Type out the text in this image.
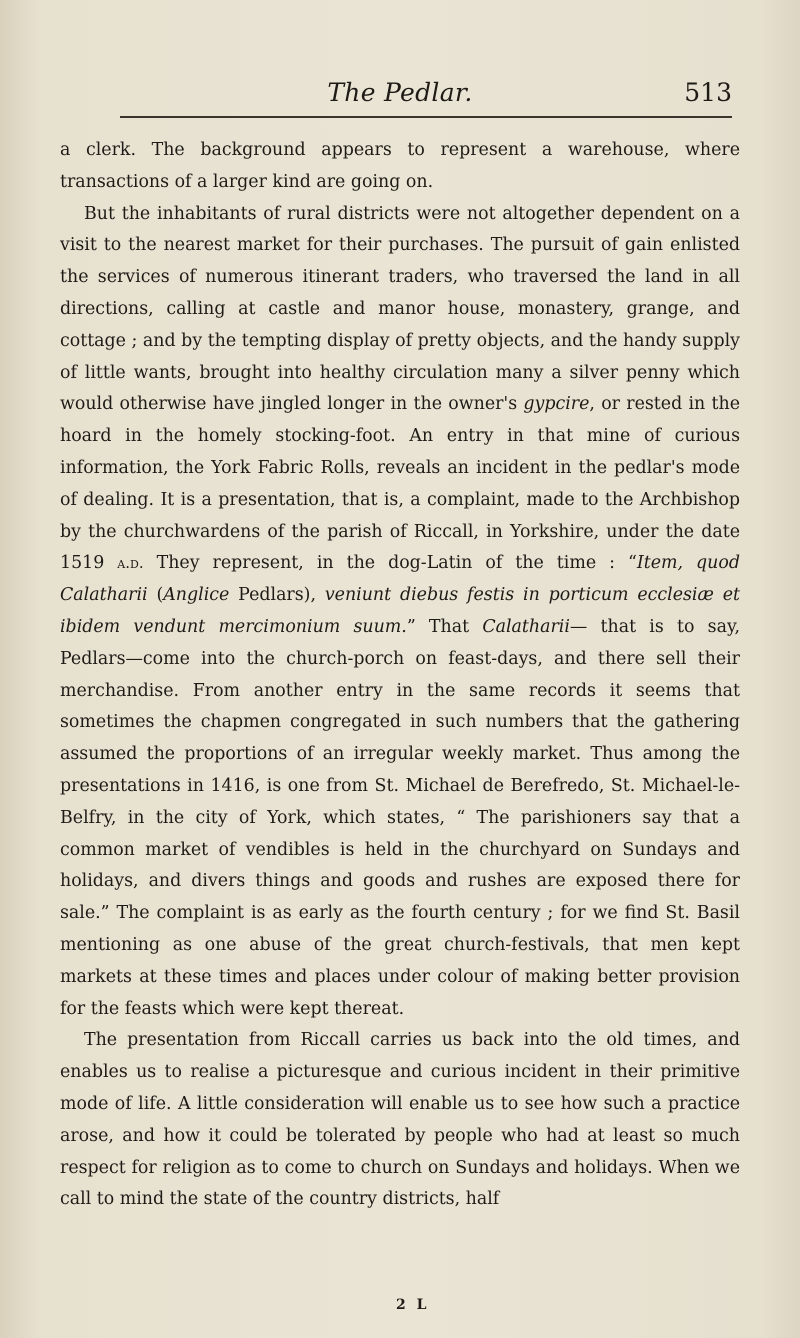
The Pedlar.	513

a clerk. The background appears to represent a warehouse, where transactions of a larger kind are going on.

But the inhabitants of rural districts were not altogether dependent on a visit to the nearest market for their purchases. The pursuit of gain enlisted the services of numerous itinerant traders, who traversed the land in all directions, calling at castle and manor house, monastery, grange, and cottage ; and by the tempting display of pretty objects, and the handy supply of little wants, brought into healthy circulation many a silver penny which would otherwise have jingled longer in the owner's gypcire, or rested in the hoard in the homely stocking-foot. An entry in that mine of curious information, the York Fabric Rolls, reveals an incident in the pedlar's mode of dealing. It is a presentation, that is, a complaint, made to the Archbishop by the churchwardens of the parish of Riccall, in Yorkshire, under the date 1519 a.d. They represent, in the dog-Latin of the time : “Item, quod Calatharii (Anglice Pedlars), veniunt diebus festis in porticum ecclesiæ et ibidem vendunt mercimonium suum.” That Calatharii— that is to say, Pedlars—come into the church-porch on feast-days, and there sell their merchandise. From another entry in the same records it seems that sometimes the chapmen congregated in such numbers that the gathering assumed the proportions of an irregular weekly market. Thus among the presentations in 1416, is one from St. Michael de Berefredo, St. Michael-le-Belfry, in the city of York, which states, “ The parishioners say that a common market of vendibles is held in the churchyard on Sundays and holidays, and divers things and goods and rushes are exposed there for sale.” The complaint is as early as the fourth century ; for we find St. Basil mentioning as one abuse of the great church-festivals, that men kept markets at these times and places under colour of making better provision for the feasts which were kept thereat.

The presentation from Riccall carries us back into the old times, and enables us to realise a picturesque and curious incident in their primitive mode of life. A little consideration will enable us to see how such a practice arose, and how it could be tolerated by people who had at least so much respect for religion as to come to church on Sundays and holidays. When we call to mind the state of the country districts, half

2 L
